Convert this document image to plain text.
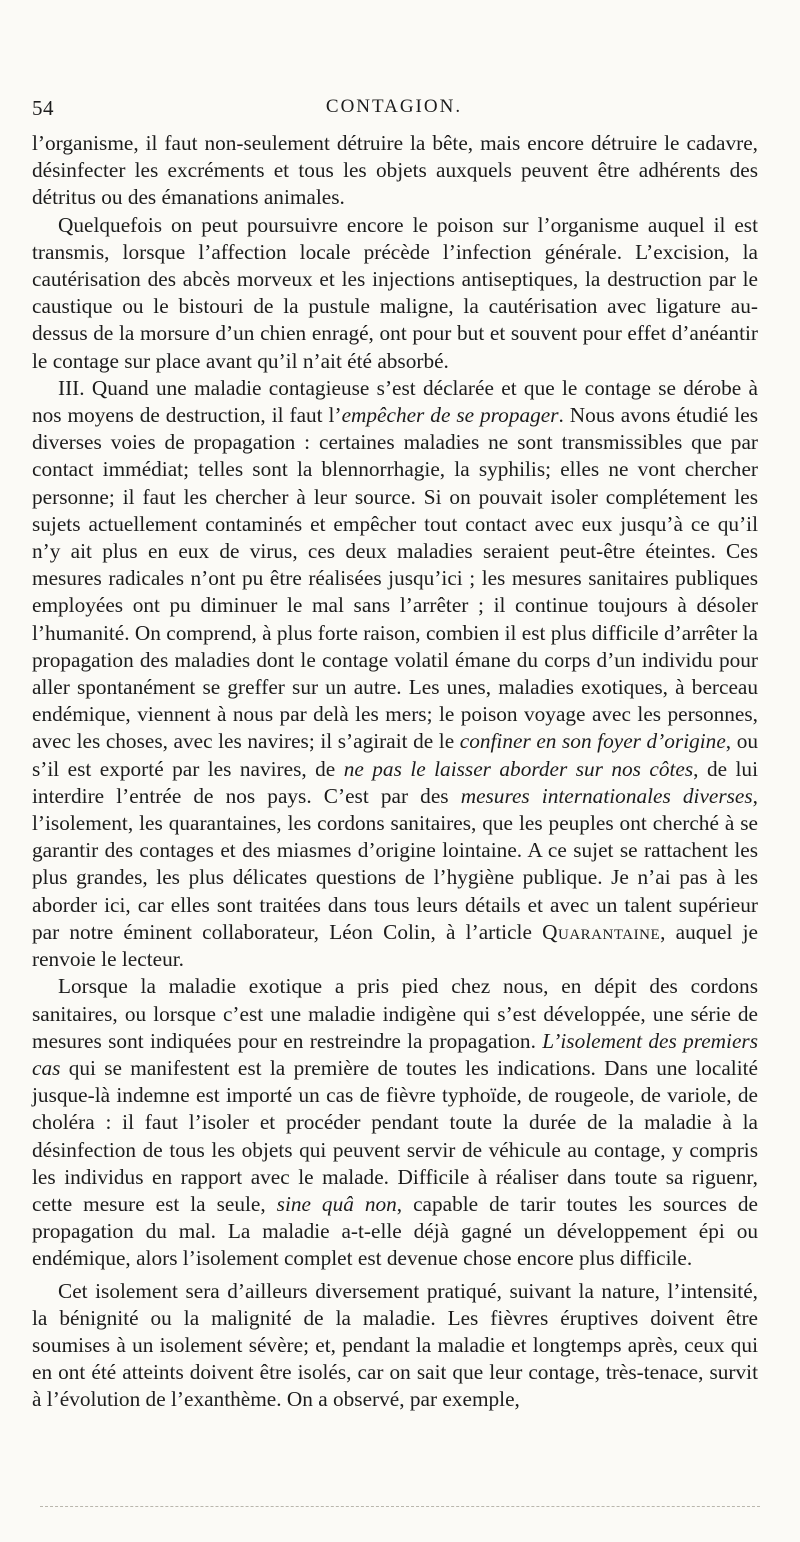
54	CONTAGION.

l’organisme, il faut non-seulement détruire la bête, mais encore détruire le cadavre, désinfecter les excréments et tous les objets auxquels peuvent être adhérents des détritus ou des émanations animales.

Quelquefois on peut poursuivre encore le poison sur l’organisme auquel il est transmis, lorsque l’affection locale précède l’infection générale. L’excision, la cautérisation des abcès morveux et les injections antiseptiques, la destruction par le caustique ou le bistouri de la pustule maligne, la cautérisation avec ligature au-dessus de la morsure d’un chien enragé, ont pour but et souvent pour effet d’anéantir le contage sur place avant qu’il n’ait été absorbé.

III. Quand une maladie contagieuse s’est déclarée et que le contage se dérobe à nos moyens de destruction, il faut l’empêcher de se propager. Nous avons étudié les diverses voies de propagation : certaines maladies ne sont transmissibles que par contact immédiat; telles sont la blennorrhagie, la syphilis; elles ne vont chercher personne; il faut les chercher à leur source. Si on pouvait isoler complétement les sujets actuellement contaminés et empêcher tout contact avec eux jusqu’à ce qu’il n’y ait plus en eux de virus, ces deux maladies seraient peut-être éteintes. Ces mesures radicales n’ont pu être réalisées jusqu’ici ; les mesures sanitaires publiques employées ont pu diminuer le mal sans l’arrêter ; il continue toujours à désoler l’humanité. On comprend, à plus forte raison, combien il est plus difficile d’arrêter la propagation des maladies dont le contage volatil émane du corps d’un individu pour aller spontanément se greffer sur un autre. Les unes, maladies exotiques, à berceau endémique, viennent à nous par delà les mers; le poison voyage avec les personnes, avec les choses, avec les navires; il s’agirait de le confiner en son foyer d’origine, ou s’il est exporté par les navires, de ne pas le laisser aborder sur nos côtes, de lui interdire l’entrée de nos pays. C’est par des mesures internationales diverses, l’isolement, les quarantaines, les cordons sanitaires, que les peuples ont cherché à se garantir des contages et des miasmes d’origine lointaine. A ce sujet se rattachent les plus grandes, les plus délicates questions de l’hygiène publique. Je n’ai pas à les aborder ici, car elles sont traitées dans tous leurs détails et avec un talent supérieur par notre éminent collaborateur, Léon Colin, à l’article Quarantaine, auquel je renvoie le lecteur.

Lorsque la maladie exotique a pris pied chez nous, en dépit des cordons sanitaires, ou lorsque c’est une maladie indigène qui s’est développée, une série de mesures sont indiquées pour en restreindre la propagation. L’isolement des premiers cas qui se manifestent est la première de toutes les indications. Dans une localité jusque-là indemne est importé un cas de fièvre typhoïde, de rougeole, de variole, de choléra : il faut l’isoler et procéder pendant toute la durée de la maladie à la désinfection de tous les objets qui peuvent servir de véhicule au contage, y compris les individus en rapport avec le malade. Difficile à réaliser dans toute sa riguenr, cette mesure est la seule, sine quâ non, capable de tarir toutes les sources de propagation du mal. La maladie a-t-elle déjà gagné un développement épi ou endémique, alors l’isolement complet est devenue chose encore plus difficile.

Cet isolement sera d’ailleurs diversement pratiqué, suivant la nature, l’intensité, la bénignité ou la malignité de la maladie. Les fièvres éruptives doivent être soumises à un isolement sévère; et, pendant la maladie et longtemps après, ceux qui en ont été atteints doivent être isolés, car on sait que leur contage, très-tenace, survit à l’évolution de l’exanthème. On a observé, par exemple,
